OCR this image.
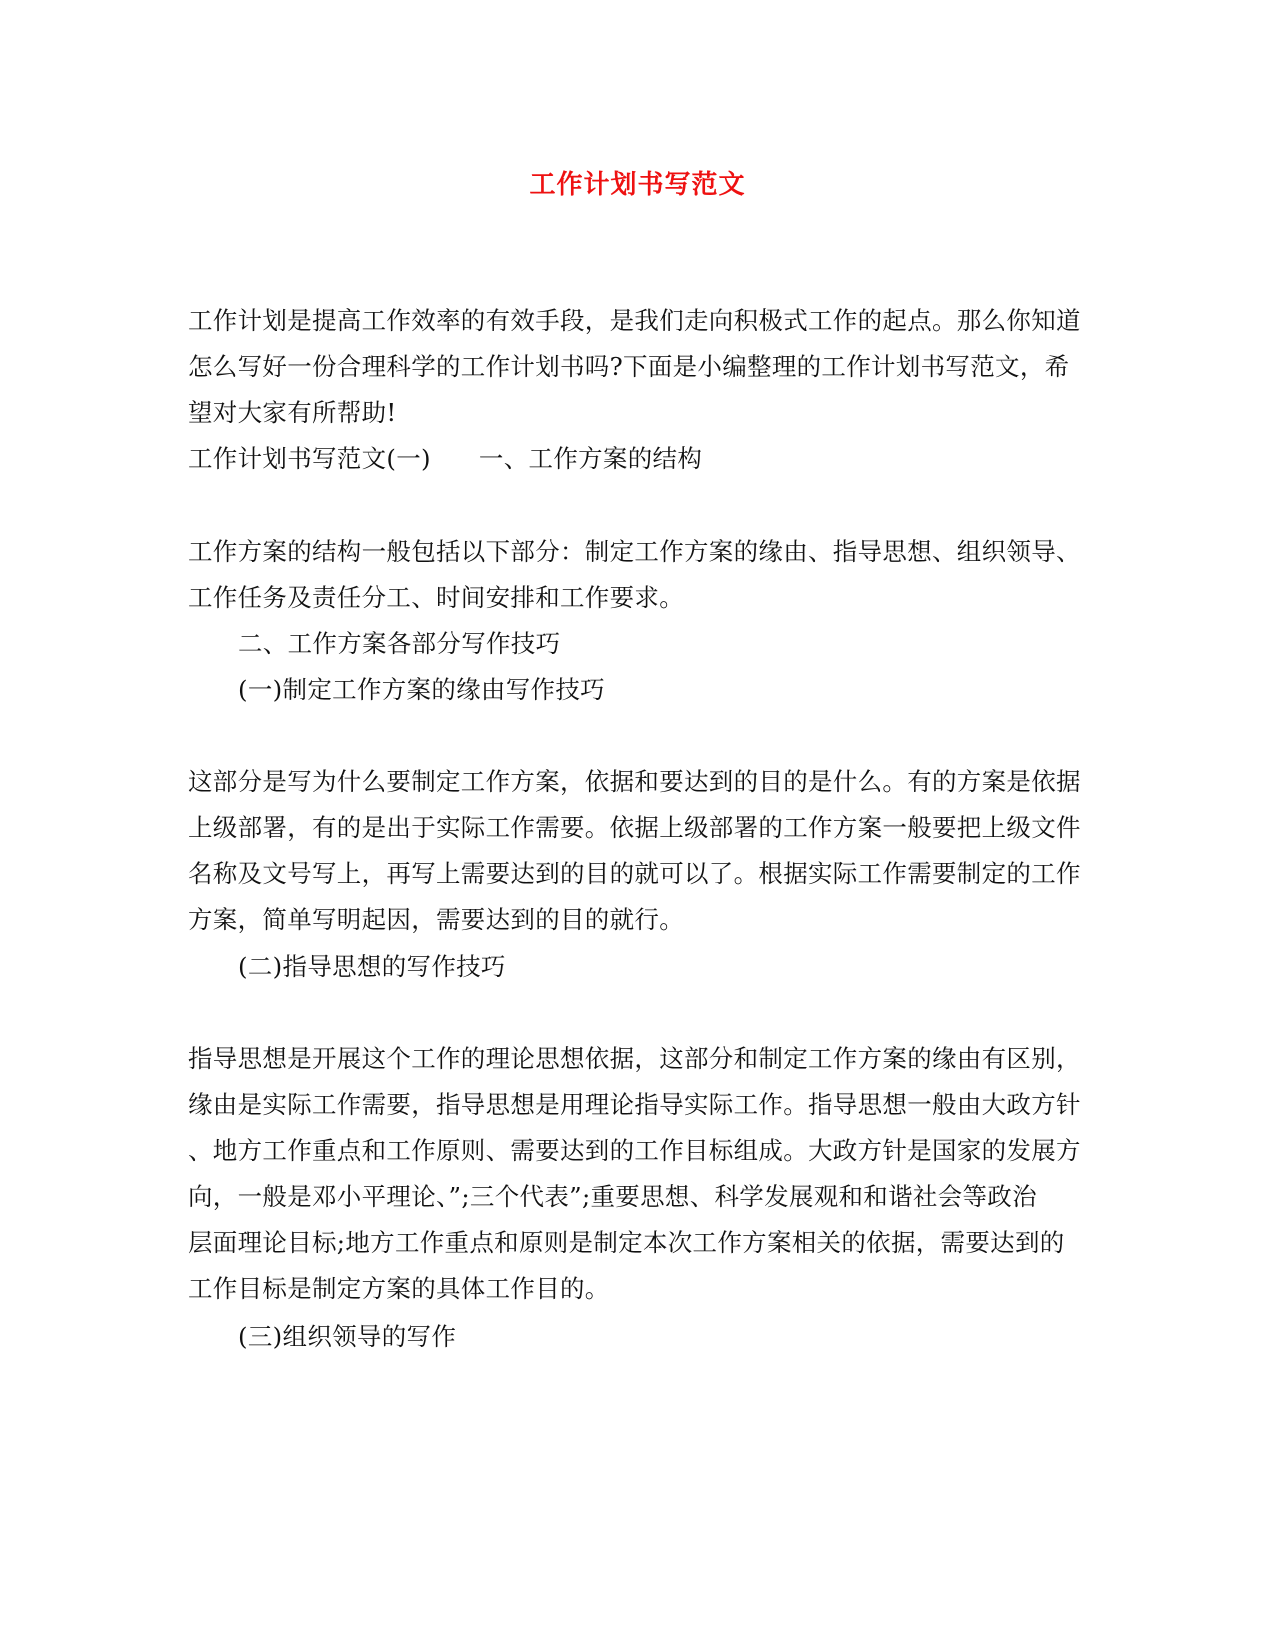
工作计划书写范文
工作计划是提高工作效率的有效手段，是我们走向积极式工作的起点。那么你知道
怎么写好一份合理科学的工作计划书吗?下面是小编整理的工作计划书写范文，希
望对大家有所帮助!
工作计划书写范文(一) 一、工作方案的结构
工作方案的结构一般包括以下部分：制定工作方案的缘由、指导思想、组织领导、
工作任务及责任分工、时间安排和工作要求。
二、工作方案各部分写作技巧
(一)制定工作方案的缘由写作技巧
这部分是写为什么要制定工作方案，依据和要达到的目的是什么。有的方案是依据
上级部署，有的是出于实际工作需要。依据上级部署的工作方案一般要把上级文件
名称及文号写上，再写上需要达到的目的就可以了。根据实际工作需要制定的工作
方案，简单写明起因，需要达到的目的就行。
(二)指导思想的写作技巧
指导思想是开展这个工作的理论思想依据，这部分和制定工作方案的缘由有区别，
缘由是实际工作需要，指导思想是用理论指导实际工作。指导思想一般由大政方针
、地方工作重点和工作原则、需要达到的工作目标组成。大政方针是国家的发展方
向，一般是邓小平理论、”;三个代表”;重要思想、科学发展观和和谐社会等政治
层面理论目标;地方工作重点和原则是制定本次工作方案相关的依据，需要达到的
工作目标是制定方案的具体工作目的。
(三)组织领导的写作
